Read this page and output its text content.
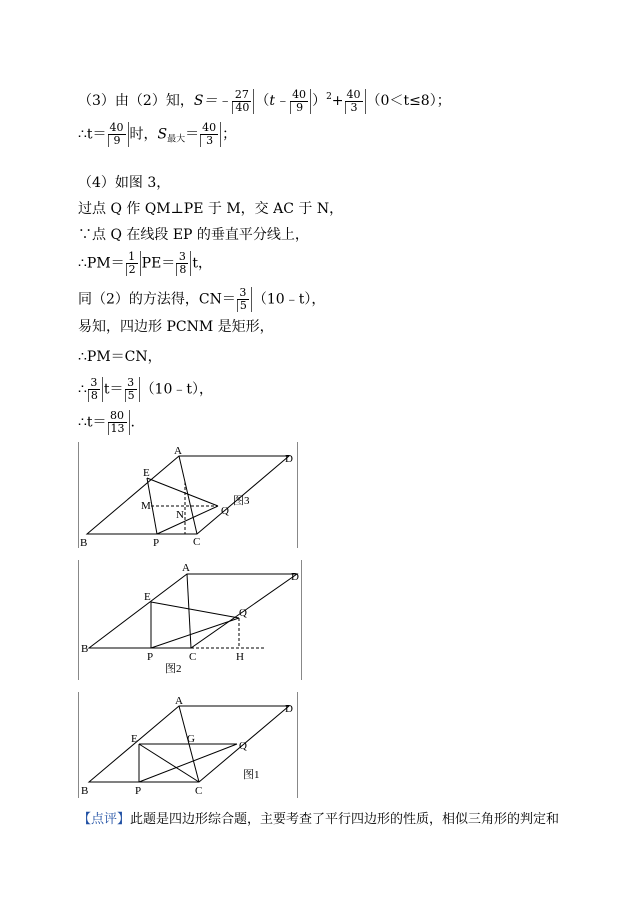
（3）由（2）知，S＝﹣ $\frac{27}{40}$ （t﹣ $\frac{40}{9} )^2+ \frac{40}{3} (0<t\le 8)$；
∴t＝ $\frac{40}{9}$ 时，$S_{最大}= \frac{40}{3}$ ；
（4）如图 3，
过点 Q 作 QM⊥PE 于 M，交 AC 于 N，
∵点 Q 在线段 EP 的垂直平分线上，
∴PM＝ $\frac{1}{2} PE= \frac{3}{8}$ t，
同（2）的方法得，$CN= \frac{3}{5}$ （10﹣t），
易知，四边形 PCNM 是矩形，
∴PM＝CN，
∴ $\frac{3}{8} t= \frac{3}{5}$ （10﹣t），
∴t＝ $\frac{80}{13}$ .
A
D
B	C
E
M
N
P
Q
图3
A
D
B
C
E
P
Q
H
图2
A
D
B	C
E	G
P
Q
图1
【点评】此题是四边形综合题，主要考查了平行四边形的性质，相似三角形的判定和
